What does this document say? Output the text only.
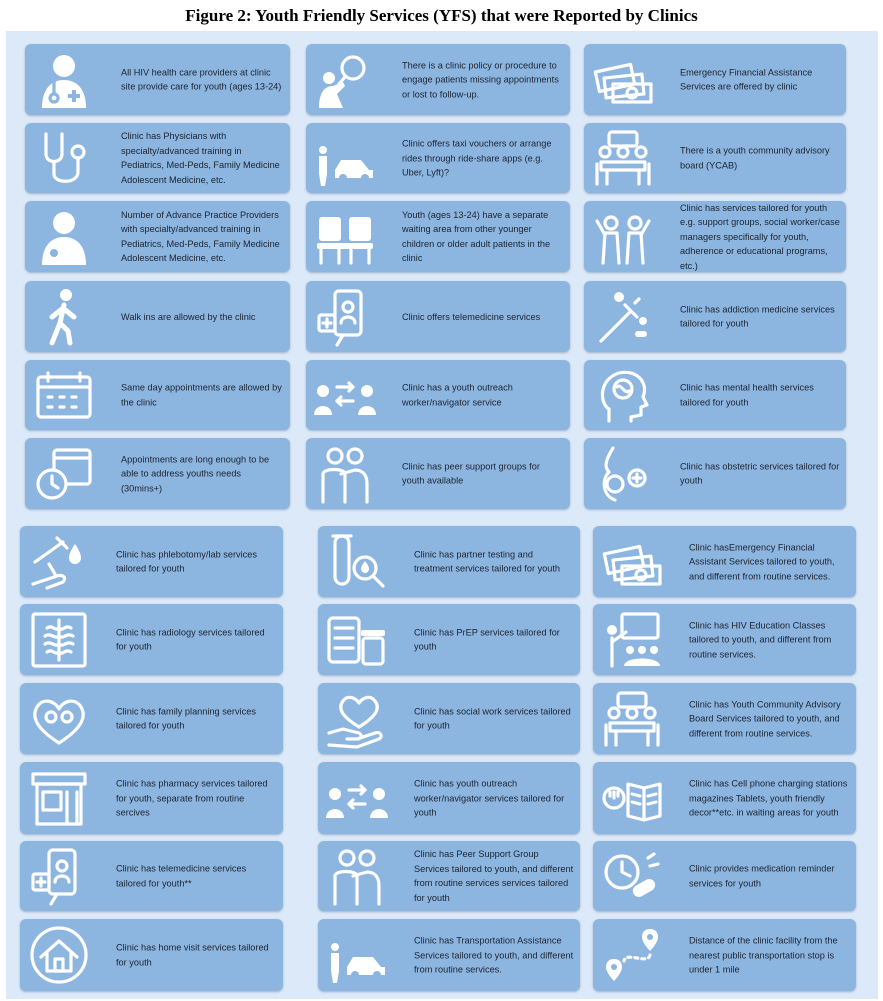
Figure 2: Youth Friendly Services (YFS) that were Reported by Clinics
All HIV health care providers at clinic site provide care for youth (ages 13-24)
There is a clinic policy or procedure to engage patients missing appointments or lost to follow-up.
Emergency Financial Assistance Services are offered by clinic
Clinic has Physicians with specialty/advanced training in Pediatrics, Med-Peds, Family Medicine Adolescent Medicine, etc.
Clinic offers taxi vouchers or arrange rides through ride-share apps (e.g. Uber, Lyft)?
There is a youth community advisory board (YCAB)
Number of Advance Practice Providers with specialty/advanced training in Pediatrics, Med-Peds, Family Medicine Adolescent Medicine, etc.
Youth (ages 13-24) have a separate waiting area from other younger children or older adult patients in the clinic
Clinic has services tailored for youth e.g. support groups, social worker/case managers specifically for youth, adherence or educational programs, etc.)
Walk ins are allowed by the clinic	Clinic offers telemedicine services
Clinic has addiction medicine services tailored for youth
Same day appointments are allowed by the clinic
Clinic has a youth outreach worker/navigator service
Clinic has mental health services tailored for youth
Appointments are long enough to be able to address youths needs (30mins+)
Clinic has peer support groups for youth available
Clinic has obstetric services tailored for youth
Clinic has phlebotomy/lab services tailored for youth
Clinic has partner testing and treatment services tailored for youth
Clinic hasEmergency Financial Assistant Services tailored to youth, and different from routine services.
Clinic has radiology services tailored for youth
Clinic has PrEP services tailored for youth
Clinic has HIV Education Classes tailored to youth, and different from routine services.
Clinic has family planning services tailored for youth
Clinic has social work services tailored for youth
Clinic has Youth Community Advisory Board Services tailored to youth, and different from routine services.
Clinic has pharmacy services tailored for youth, separate from routine sercives
Clinic has youth outreach worker/navigator services tailored for youth
Clinic has Cell phone charging stations magazines Tablets, youth friendly decor**etc. in waiting areas for youth
Clinic has telemedicine services tailored for youth**
Clinic has Peer Support Group Services tailored to youth, and different from routine services services tailored for youth
Clinic provides medication reminder services for youth
Clinic has home visit services tailored for youth
Clinic has Transportation Assistance Services tailored to youth, and different from routine services.
Distance of the clinic facility from the nearest public transportation stop is under 1 mile
